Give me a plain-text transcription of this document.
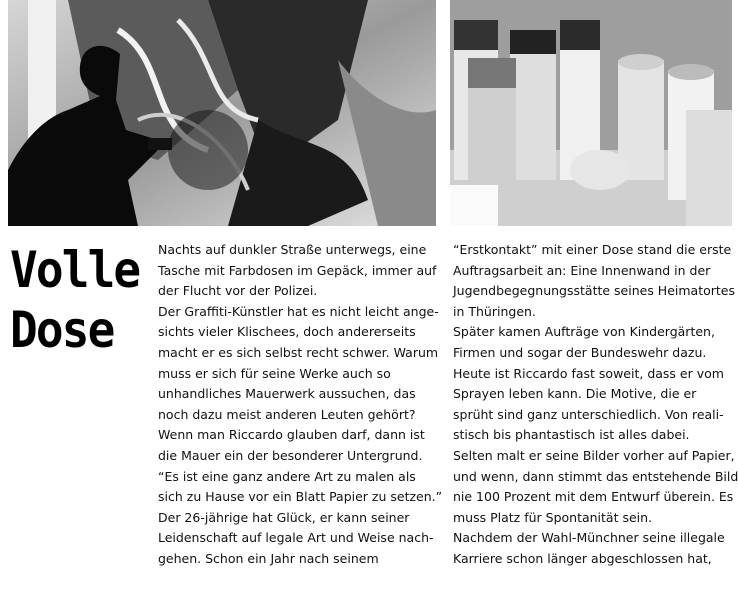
Volle
Dose
Nachts auf dunkler Straße unterwegs, eine
Tasche mit Farbdosen im Gepäck, immer auf
der Flucht vor der Polizei.
Der Graffiti-Künstler hat es nicht leicht ange-
sichts vieler Klischees, doch andererseits
macht er es sich selbst recht schwer. Warum
muss er sich für seine Werke auch so
unhandliches Mauerwerk aussuchen, das
noch dazu meist anderen Leuten gehört?
Wenn man Riccardo glauben darf, dann ist
die Mauer ein der besonderer Untergrund.
“Es ist eine ganz andere Art zu malen als
sich zu Hause vor ein Blatt Papier zu setzen.”
Der 26-jährige hat Glück, er kann seiner
Leidenschaft auf legale Art und Weise nach-
gehen. Schon ein Jahr nach seinem
“Erstkontakt” mit einer Dose stand die erste
Auftragsarbeit an: Eine Innenwand in der
Jugendbegegnungsstätte seines Heimatortes
in Thüringen.
Später kamen Aufträge von Kindergärten,
Firmen und sogar der Bundeswehr dazu.
Heute ist Riccardo fast soweit, dass er vom
Sprayen leben kann. Die Motive, die er
sprüht sind ganz unterschiedlich. Von reali-
stisch bis phantastisch ist alles dabei.
Selten malt er seine Bilder vorher auf Papier,
und wenn, dann stimmt das entstehende Bild
nie 100 Prozent mit dem Entwurf überein. Es
muss Platz für Spontanität sein.
Nachdem der Wahl-Münchner seine illegale
Karriere schon länger abgeschlossen hat,
